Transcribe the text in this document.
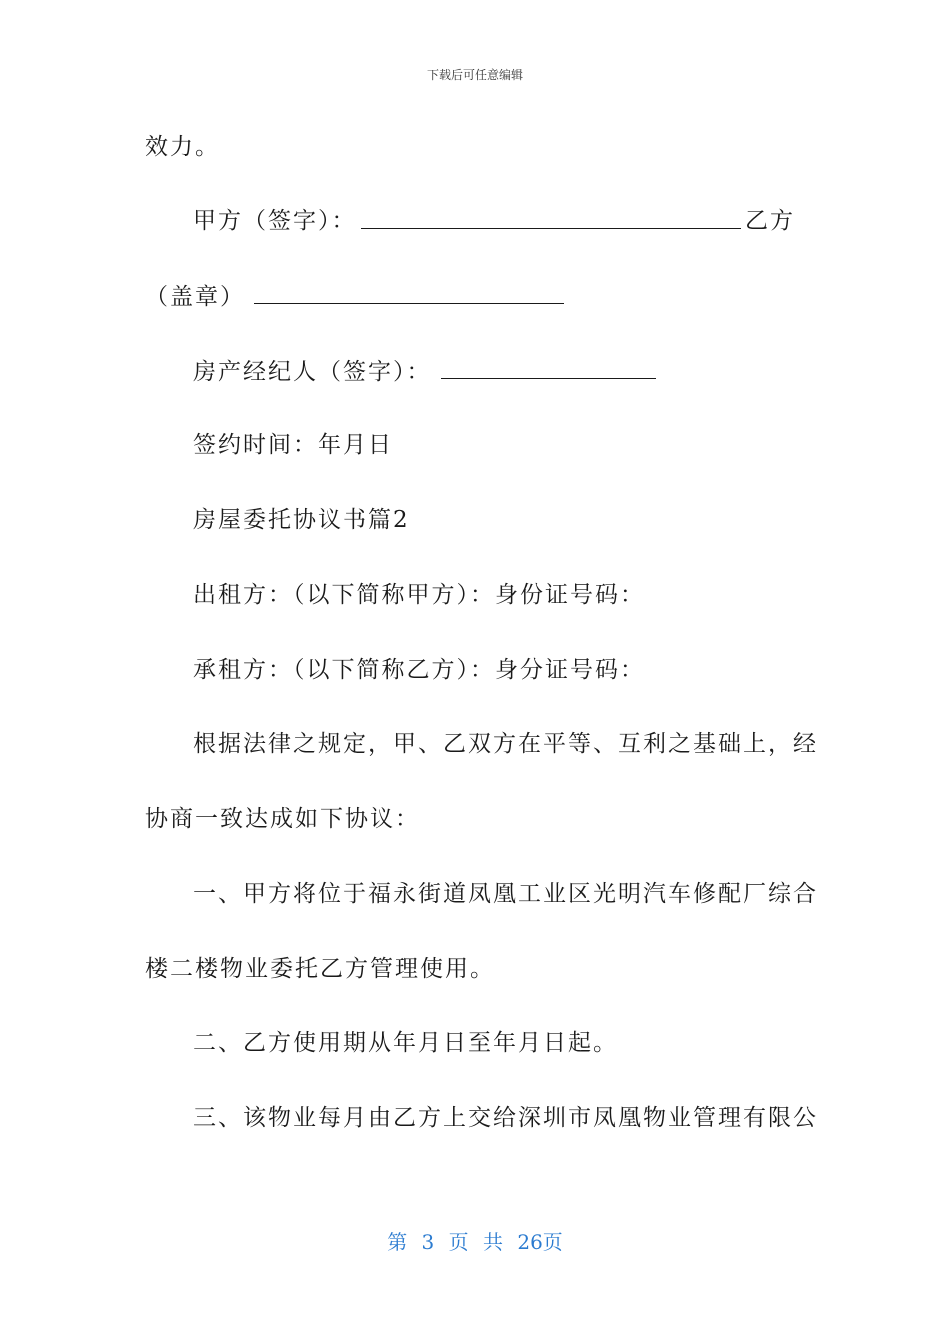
下载后可任意编辑
效力。
甲方（签字）：	乙方
（盖章）
房产经纪人（签字）：
签约时间：年月日
房屋委托协议书篇2
出租方：（以下简称甲方）：身份证号码：
承租方：（以下简称乙方）：身分证号码：
根据法律之规定，甲、乙双方在平等、互利之基础上，经
协商一致达成如下协议：
一、甲方将位于福永街道凤凰工业区光明汽车修配厂综合
楼二楼物业委托乙方管理使用。
二、乙方使用期从年月日至年月日起。
三、该物业每月由乙方上交给深圳市凤凰物业管理有限公
第 3 页 共 26页
